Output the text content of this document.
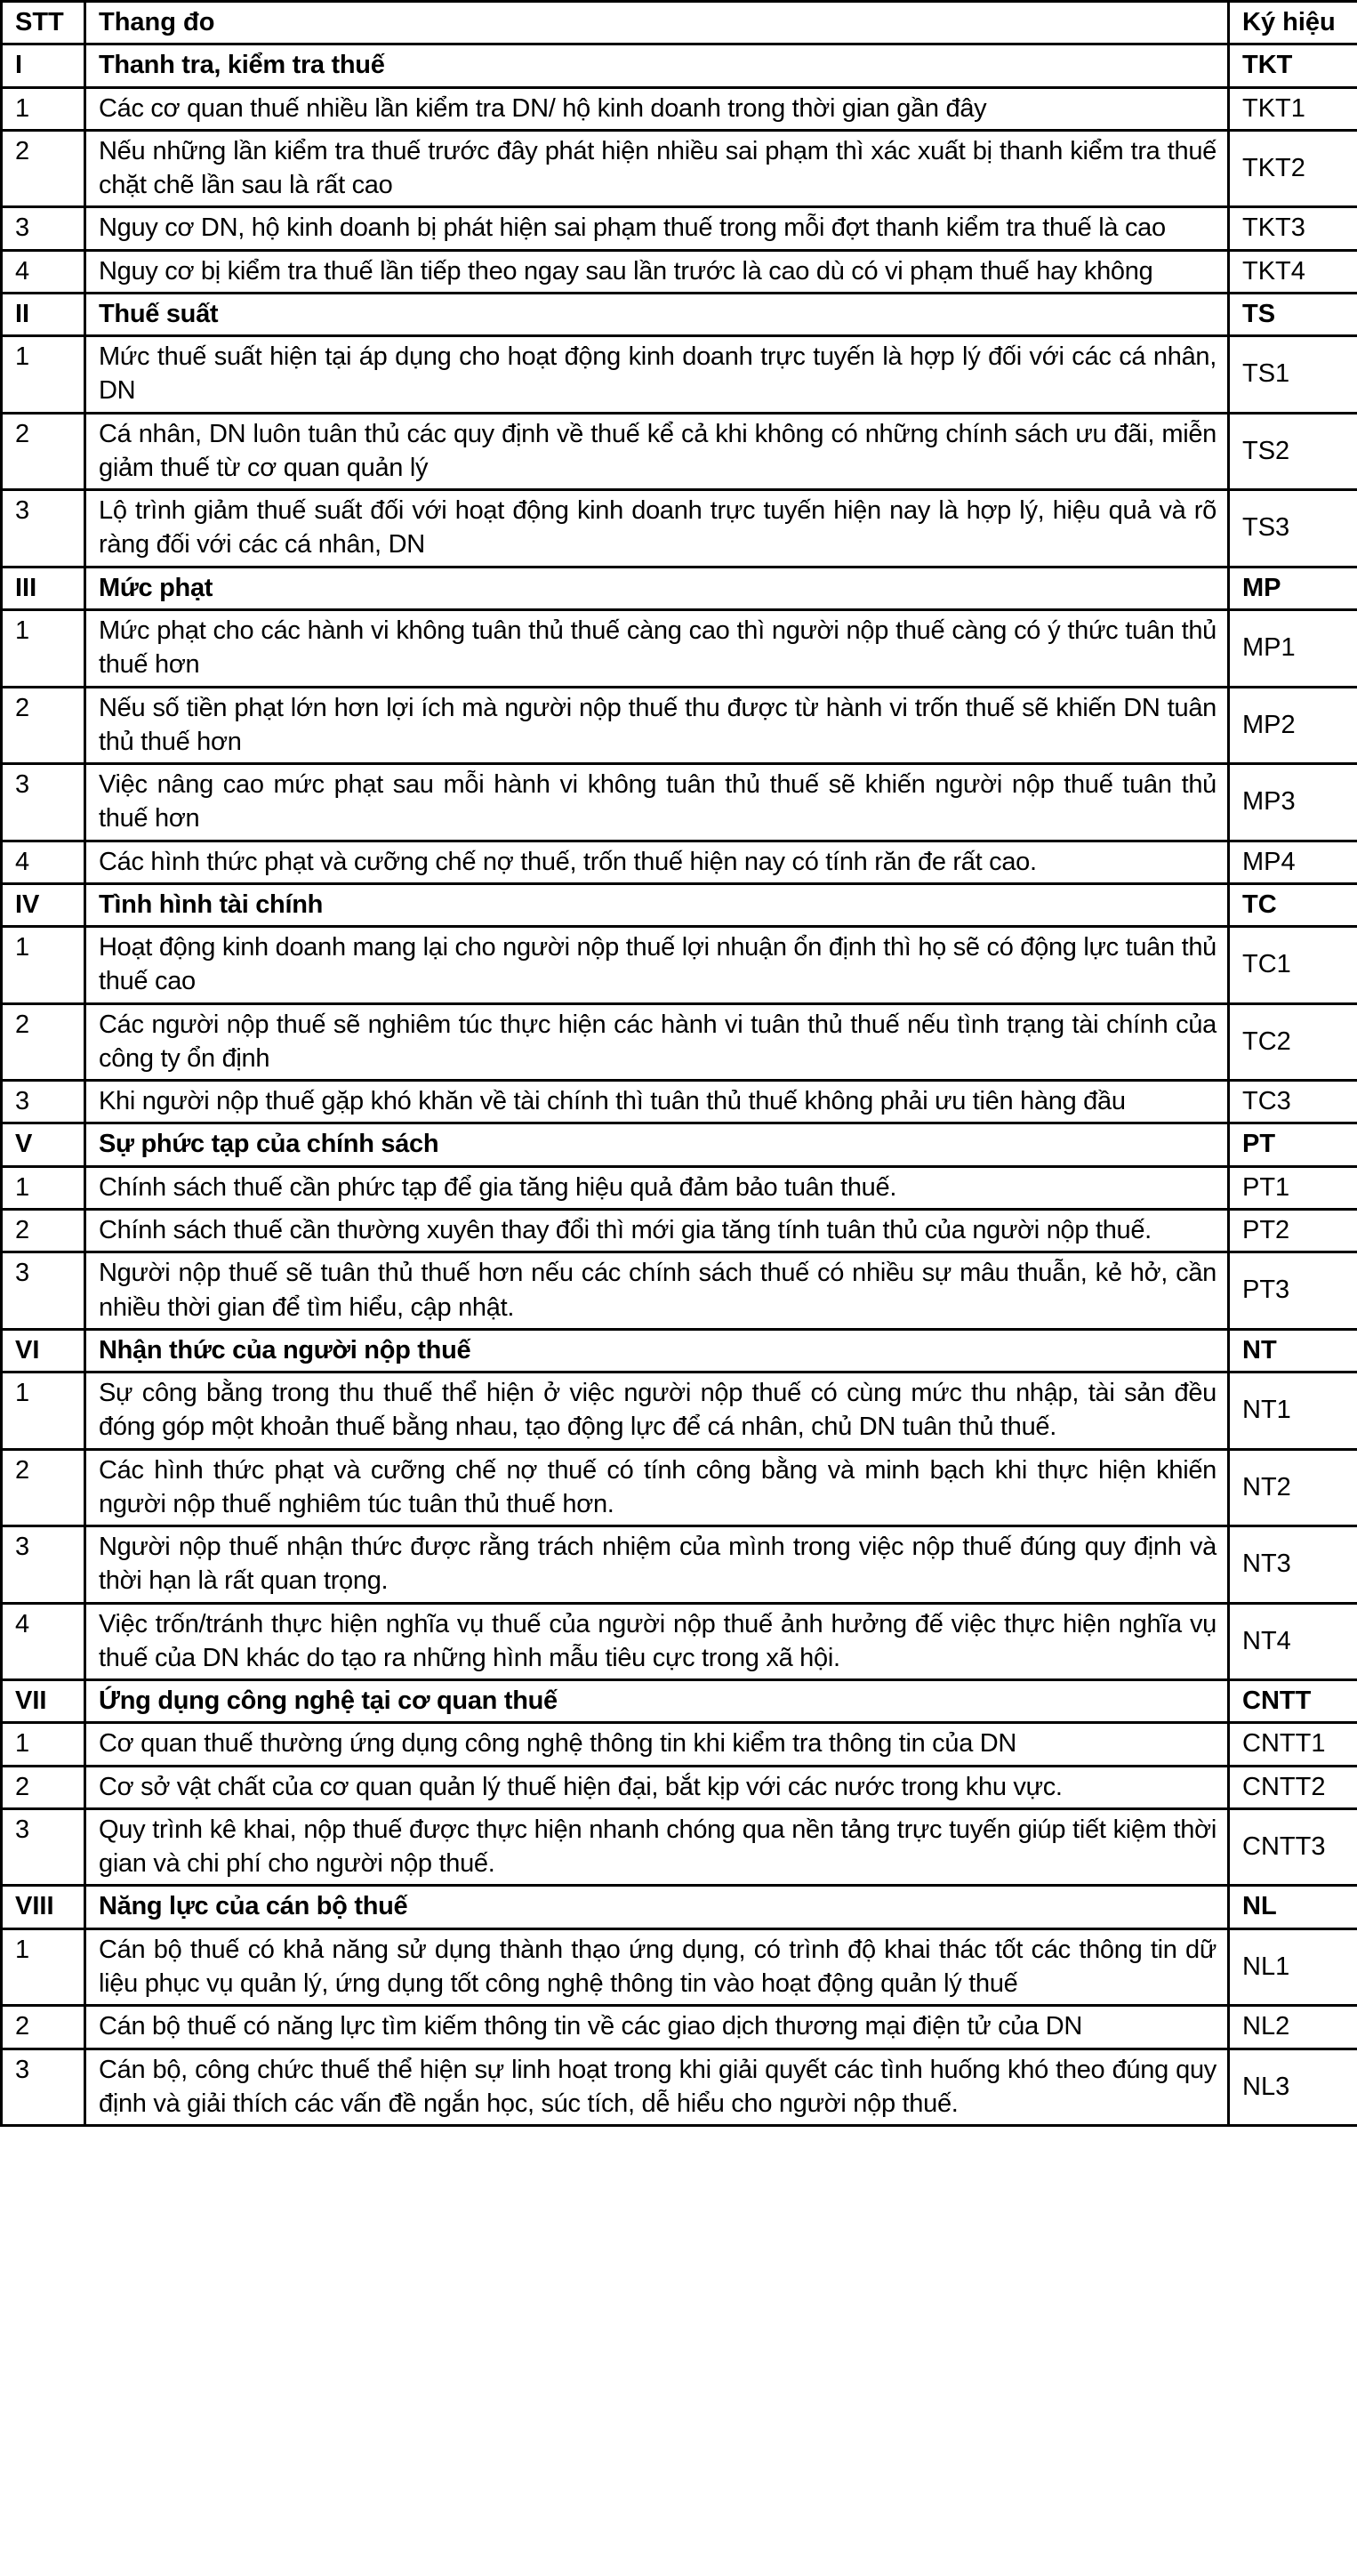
STT	Thang đo	Ký hiệu
I	Thanh tra, kiểm tra thuế	TKT
1	Các cơ quan thuế nhiều lần kiểm tra DN/ hộ kinh doanh trong thời gian gần đây	TKT1
2	Nếu những lần kiểm tra thuế trước đây phát hiện nhiều sai phạm thì xác xuất bị thanh kiểm tra thuế chặt chẽ lần sau là rất cao	TKT2
3	Nguy cơ DN, hộ kinh doanh bị phát hiện sai phạm thuế trong mỗi đợt thanh kiểm tra thuế là cao	TKT3
4	Nguy cơ bị kiểm tra thuế lần tiếp theo ngay sau lần trước là cao dù có vi phạm thuế hay không	TKT4
II	Thuế suất	TS
1	Mức thuế suất hiện tại áp dụng cho hoạt động kinh doanh trực tuyến là hợp lý đối với các cá nhân, DN	TS1
2	Cá nhân, DN luôn tuân thủ các quy định về thuế kể cả khi không có những chính sách ưu đãi, miễn giảm thuế từ cơ quan quản lý	TS2
3	Lộ trình giảm thuế suất đối với hoạt động kinh doanh trực tuyến hiện nay là hợp lý, hiệu quả và rõ ràng đối với các cá nhân, DN	TS3
III	Mức phạt	MP
1	Mức phạt cho các hành vi không tuân thủ thuế càng cao thì người nộp thuế càng có ý thức tuân thủ thuế hơn	MP1
2	Nếu số tiền phạt lớn hơn lợi ích mà người nộp thuế thu được từ hành vi trốn thuế sẽ khiến DN tuân thủ thuế hơn	MP2
3	Việc nâng cao mức phạt sau mỗi hành vi không tuân thủ thuế sẽ khiến người nộp thuế tuân thủ thuế hơn	MP3
4	Các hình thức phạt và cưỡng chế nợ thuế, trốn thuế hiện nay có tính răn đe rất cao.	MP4
IV	Tình hình tài chính	TC
1	Hoạt động kinh doanh mang lại cho người nộp thuế lợi nhuận ổn định thì họ sẽ có động lực tuân thủ thuế cao	TC1
2	Các người nộp thuế sẽ nghiêm túc thực hiện các hành vi tuân thủ thuế nếu tình trạng tài chính của công ty ổn định	TC2
3	Khi người nộp thuế gặp khó khăn về tài chính thì tuân thủ thuế không phải ưu tiên hàng đầu	TC3
V	Sự phức tạp của chính sách	PT
1	Chính sách thuế cần phức tạp để gia tăng hiệu quả đảm bảo tuân thuế.	PT1
2	Chính sách thuế cần thường xuyên thay đổi thì mới gia tăng tính tuân thủ của người nộp thuế.	PT2
3	Người nộp thuế sẽ tuân thủ thuế hơn nếu các chính sách thuế có nhiều sự mâu thuẫn, kẻ hở, cần nhiều thời gian để tìm hiểu, cập nhật.	PT3
VI	Nhận thức của người nộp thuế	NT
1	Sự công bằng trong thu thuế thể hiện ở việc người nộp thuế có cùng mức thu nhập, tài sản đều đóng góp một khoản thuế bằng nhau, tạo động lực để cá nhân, chủ DN tuân thủ thuế.	NT1
2	Các hình thức phạt và cưỡng chế nợ thuế có tính công bằng và minh bạch khi thực hiện khiến người nộp thuế nghiêm túc tuân thủ thuế hơn.	NT2
3	Người nộp thuế nhận thức được rằng trách nhiệm của mình trong việc nộp thuế đúng quy định và thời hạn là rất quan trọng.	NT3
4	Việc trốn/tránh thực hiện nghĩa vụ thuế của người nộp thuế ảnh hưởng đế việc thực hiện nghĩa vụ thuế của DN khác do tạo ra những hình mẫu tiêu cực trong xã hội.	NT4
VII	Ứng dụng công nghệ tại cơ quan thuế	CNTT
1	Cơ quan thuế thường ứng dụng công nghệ thông tin khi kiểm tra thông tin của DN	CNTT1
2	Cơ sở vật chất của cơ quan quản lý thuế hiện đại, bắt kịp với các nước trong khu vực.	CNTT2
3	Quy trình kê khai, nộp thuế được thực hiện nhanh chóng qua nền tảng trực tuyến giúp tiết kiệm thời gian và chi phí cho người nộp thuế.	CNTT3
VIII	Năng lực của cán bộ thuế	NL
1	Cán bộ thuế có khả năng sử dụng thành thạo ứng dụng, có trình độ khai thác tốt các thông tin dữ liệu phục vụ quản lý, ứng dụng tốt công nghệ thông tin vào hoạt động quản lý thuế	NL1
2	Cán bộ thuế có năng lực tìm kiếm thông tin về các giao dịch thương mại điện tử của DN	NL2
3	Cán bộ, công chức thuế thể hiện sự linh hoạt trong khi giải quyết các tình huống khó theo đúng quy định và giải thích các vấn đề ngắn học, súc tích, dễ hiểu cho người nộp thuế.	NL3
